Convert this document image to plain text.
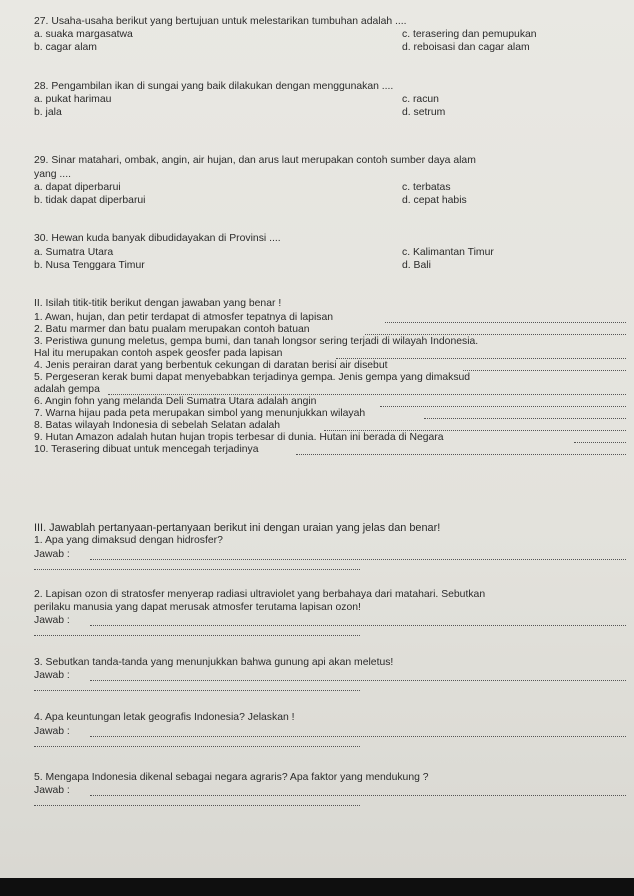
27. Usaha-usaha berikut yang bertujuan untuk melestarikan tumbuhan adalah ....
a. suaka margasatwa	c. terasering dan pemupukan
b. cagar alam	d. reboisasi dan cagar alam
28. Pengambilan ikan di sungai yang baik dilakukan dengan menggunakan ....
a. pukat harimau	c. racun
b. jala	d. setrum
29. Sinar matahari, ombak, angin, air hujan, dan arus laut merupakan contoh sumber daya alam
yang ....
a. dapat diperbarui	c. terbatas
b. tidak dapat diperbarui	d. cepat habis
30. Hewan kuda banyak dibudidayakan di Provinsi ....
a. Sumatra Utara	c. Kalimantan Timur
b. Nusa Tenggara Timur	d. Bali
II. Isilah titik-titik berikut dengan jawaban yang benar !
1. Awan, hujan, dan petir terdapat di atmosfer tepatnya di lapisan
2. Batu marmer dan batu pualam merupakan contoh batuan
3. Peristiwa gunung meletus, gempa bumi, dan tanah longsor sering terjadi di wilayah Indonesia.
Hal itu merupakan contoh aspek geosfer pada lapisan
4. Jenis perairan darat yang berbentuk cekungan di daratan berisi air disebut
5. Pergeseran kerak bumi dapat menyebabkan terjadinya gempa. Jenis gempa yang dimaksud
adalah gempa
6. Angin fohn yang melanda Deli Sumatra Utara adalah angin
7. Warna hijau pada peta merupakan simbol yang menunjukkan wilayah
8. Batas wilayah Indonesia di sebelah Selatan adalah
9. Hutan Amazon adalah hutan hujan tropis terbesar di dunia. Hutan ini berada di Negara
10. Terasering dibuat untuk mencegah terjadinya
III. Jawablah pertanyaan-pertanyaan berikut ini dengan uraian yang jelas dan benar!
1. Apa yang dimaksud dengan hidrosfer?
Jawab :
2. Lapisan ozon di stratosfer menyerap radiasi ultraviolet yang berbahaya dari matahari. Sebutkan
perilaku manusia yang dapat merusak atmosfer terutama lapisan ozon!
Jawab :
3. Sebutkan tanda-tanda yang menunjukkan bahwa gunung api akan meletus!
Jawab :
4. Apa keuntungan letak geografis Indonesia? Jelaskan !
Jawab :
5. Mengapa Indonesia dikenal sebagai negara agraris? Apa faktor yang mendukung ?
Jawab :
